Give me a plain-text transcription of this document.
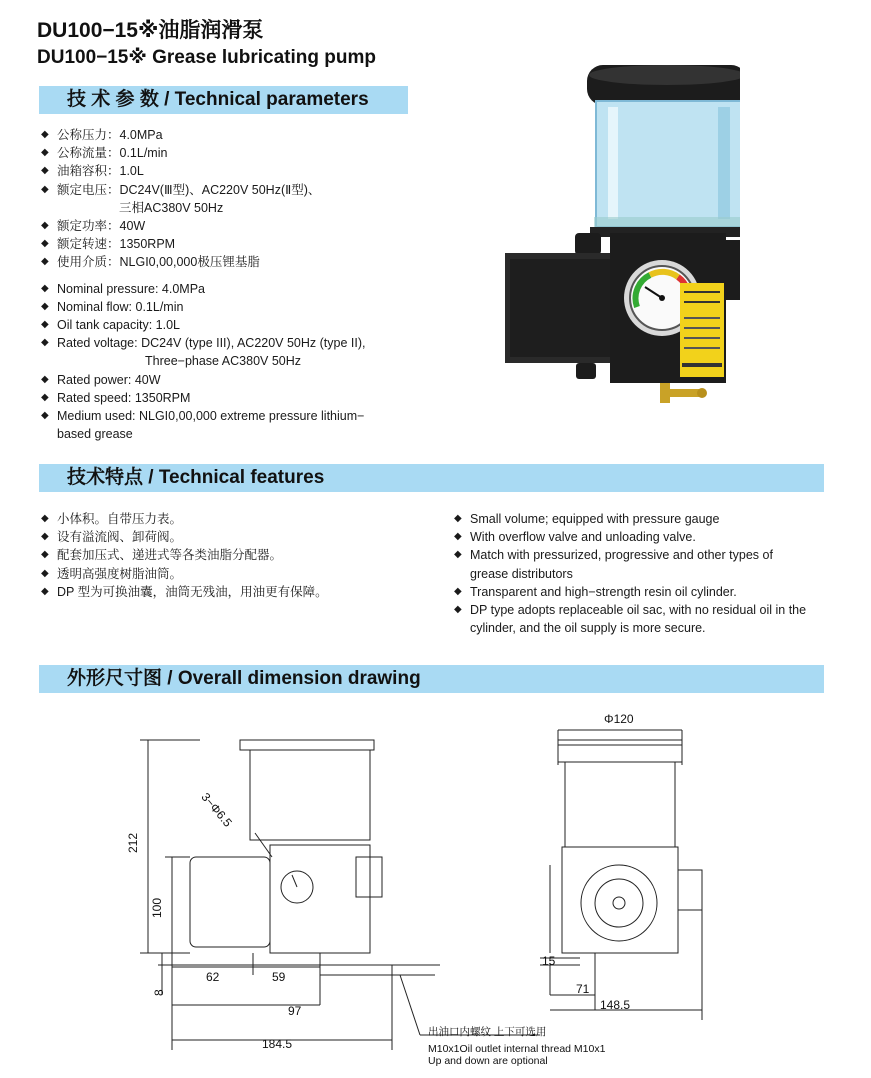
DU100−15※油脂润滑泵
DU100−15※ Grease lubricating pump
技 术 参 数 / Technical parameters
◆ 公称压力：4.0MPa
◆ 公称流量：0.1L/min
◆ 油箱容积：1.0L
◆ 额定电压：DC24V(Ⅲ型)、AC220V 50Hz(Ⅱ型)、
三相AC380V 50Hz
◆ 额定功率：40W
◆ 额定转速：1350RPM
◆ 使用介质：NLGI0,00,000极压锂基脂
◆ Nominal pressure: 4.0MPa
◆ Nominal flow: 0.1L/min
◆ Oil tank capacity: 1.0L
◆ Rated voltage: DC24V (type III), AC220V 50Hz (type II),
Three−phase AC380V 50Hz
◆ Rated power: 40W
◆ Rated speed: 1350RPM
◆ Medium used: NLGI0,00,000 extreme pressure lithium−
based grease
技术特点 / Technical features
◆ 小体积。自带压力表。
◆ 设有溢流阀、卸荷阀。
◆ 配套加压式、递进式等各类油脂分配器。
◆ 透明高强度树脂油筒。
◆ DP 型为可换油囊，油筒无残油，用油更有保障。
◆ Small volume; equipped with pressure gauge
◆ With overflow valve and unloading valve.
◆ Match with pressurized, progressive and other types of grease distributors
◆ Transparent and high−strength resin oil cylinder.
◆ DP type adopts replaceable oil sac, with no residual oil in the cylinder, and the oil supply is more secure.
外形尺寸图 / Overall dimension drawing
212
100
8
62	59
97
184.5
3−Φ6.5
Φ120
15
71
148.5
出油口内螺纹 上下可选用
M10x1Oil outlet internal thread M10x1
Up and down are optional
